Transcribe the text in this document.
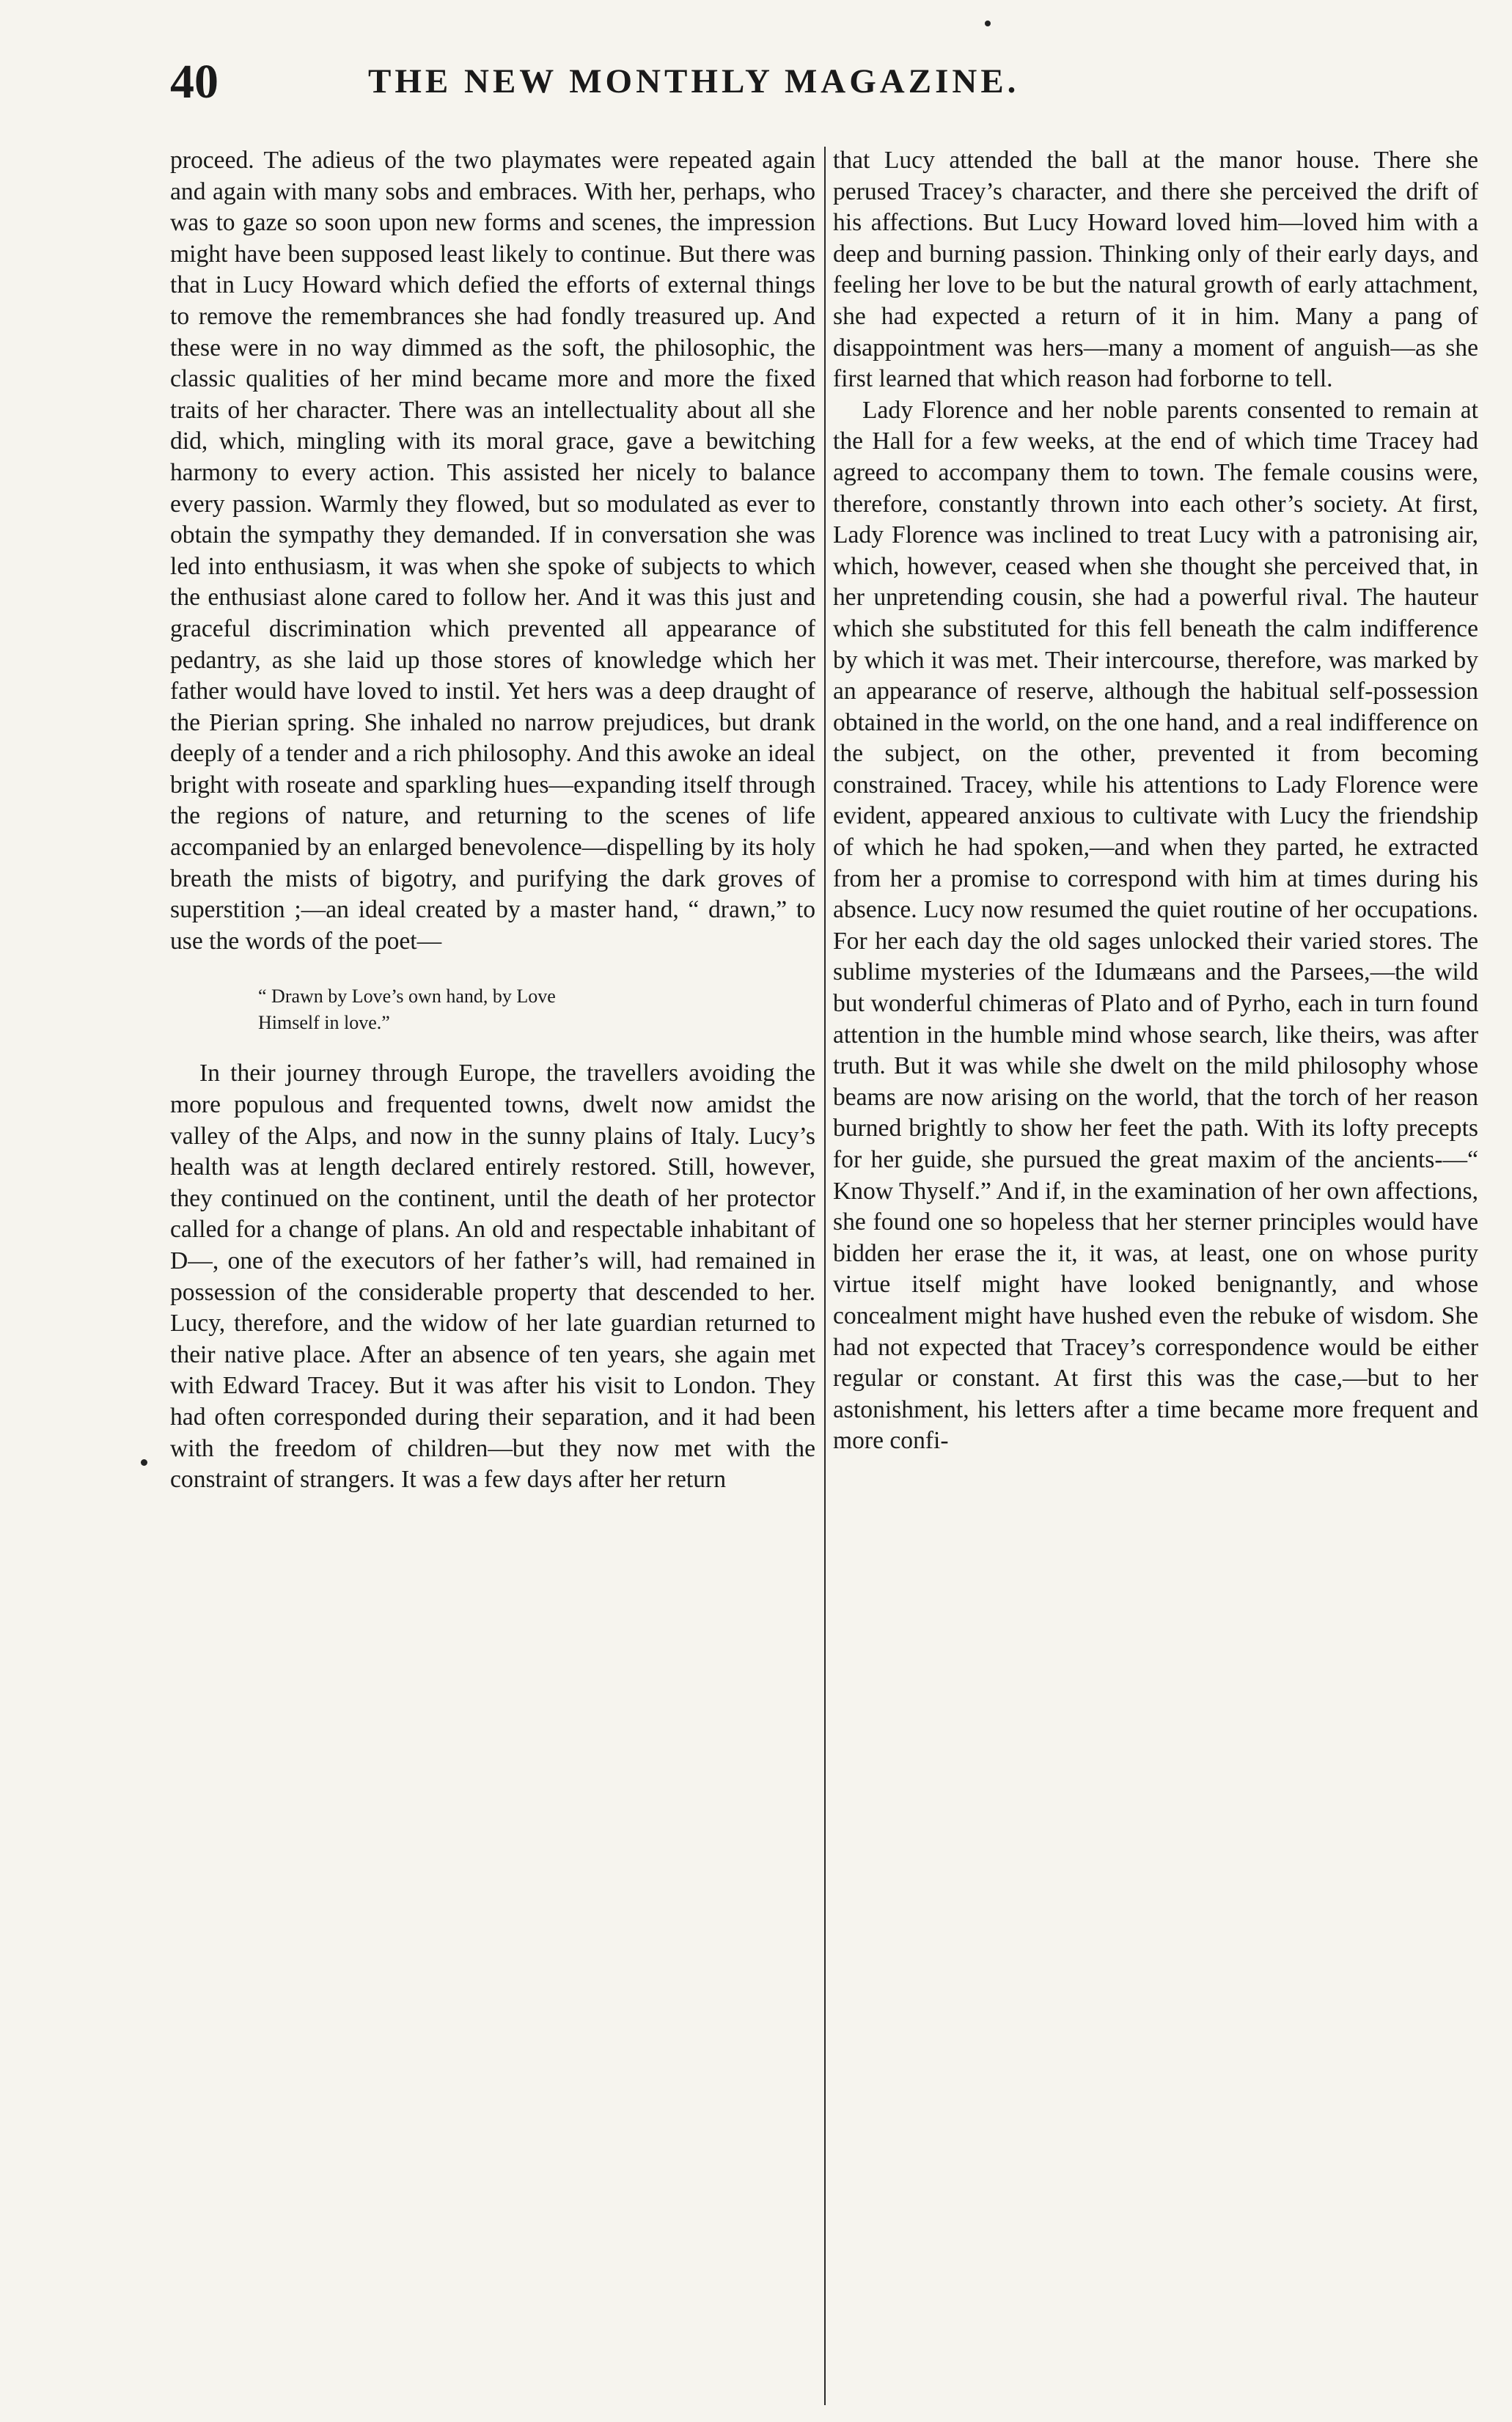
40	THE NEW MONTHLY MAGAZINE.

proceed. The adieus of the two playmates were repeated again and again with many sobs and embraces. With her, perhaps, who was to gaze so soon upon new forms and scenes, the impression might have been supposed least likely to continue. But there was that in Lucy Howard which defied the efforts of external things to remove the remembrances she had fondly treasured up. And these were in no way dimmed as the soft, the philosophic, the classic qualities of her mind became more and more the fixed traits of her character. There was an intellectuality about all she did, which, mingling with its moral grace, gave a bewitching harmony to every action. This assisted her nicely to balance every passion. Warmly they flowed, but so modulated as ever to obtain the sympathy they demanded. If in conversation she was led into enthusiasm, it was when she spoke of subjects to which the enthusiast alone cared to follow her. And it was this just and graceful discrimination which prevented all appearance of pedantry, as she laid up those stores of knowledge which her father would have loved to instil. Yet hers was a deep draught of the Pierian spring. She inhaled no narrow prejudices, but drank deeply of a tender and a rich philosophy. And this awoke an ideal bright with roseate and sparkling hues—expanding itself through the regions of nature, and returning to the scenes of life accompanied by an enlarged benevolence—dispelling by its holy breath the mists of bigotry, and purifying the dark groves of superstition ;—an ideal created by a master hand, “ drawn,” to use the words of the poet—

“ Drawn by Love’s own hand, by Love
Himself in love.”

In their journey through Europe, the travellers avoiding the more populous and frequented towns, dwelt now amidst the valley of the Alps, and now in the sunny plains of Italy. Lucy’s health was at length declared entirely restored. Still, however, they continued on the continent, until the death of her protector called for a change of plans. An old and respectable inhabitant of D—, one of the executors of her father’s will, had remained in possession of the considerable property that descended to her. Lucy, therefore, and the widow of her late guardian returned to their native place. After an absence of ten years, she again met with Edward Tracey. But it was after his visit to London. They had often corresponded during their separation, and it had been with the freedom of children—but they now met with the constraint of strangers. It was a few days after her return

that Lucy attended the ball at the manor house. There she perused Tracey’s character, and there she perceived the drift of his affections. But Lucy Howard loved him—loved him with a deep and burning passion. Thinking only of their early days, and feeling her love to be but the natural growth of early attachment, she had expected a return of it in him. Many a pang of disappointment was hers—many a moment of anguish—as she first learned that which reason had forborne to tell.

Lady Florence and her noble parents consented to remain at the Hall for a few weeks, at the end of which time Tracey had agreed to accompany them to town. The female cousins were, therefore, constantly thrown into each other’s society. At first, Lady Florence was inclined to treat Lucy with a patronising air, which, however, ceased when she thought she perceived that, in her unpretending cousin, she had a powerful rival. The hauteur which she substituted for this fell beneath the calm indifference by which it was met. Their intercourse, therefore, was marked by an appearance of reserve, although the habitual self-possession obtained in the world, on the one hand, and a real indifference on the subject, on the other, prevented it from becoming constrained. Tracey, while his attentions to Lady Florence were evident, appeared anxious to cultivate with Lucy the friendship of which he had spoken,—and when they parted, he extracted from her a promise to correspond with him at times during his absence. Lucy now resumed the quiet routine of her occupations. For her each day the old sages unlocked their varied stores. The sublime mysteries of the Idumæans and the Parsees,—the wild but wonderful chimeras of Plato and of Pyrho, each in turn found attention in the humble mind whose search, like theirs, was after truth. But it was while she dwelt on the mild philosophy whose beams are now arising on the world, that the torch of her reason burned brightly to show her feet the path. With its lofty precepts for her guide, she pursued the great maxim of the ancients-—“ Know Thyself.” And if, in the examination of her own affections, she found one so hopeless that her sterner principles would have bidden her erase the it, it was, at least, one on whose purity virtue itself might have looked benignantly, and whose concealment might have hushed even the rebuke of wisdom. She had not expected that Tracey’s correspondence would be either regular or constant. At first this was the case,—but to her astonishment, his letters after a time became more frequent and more confi-
